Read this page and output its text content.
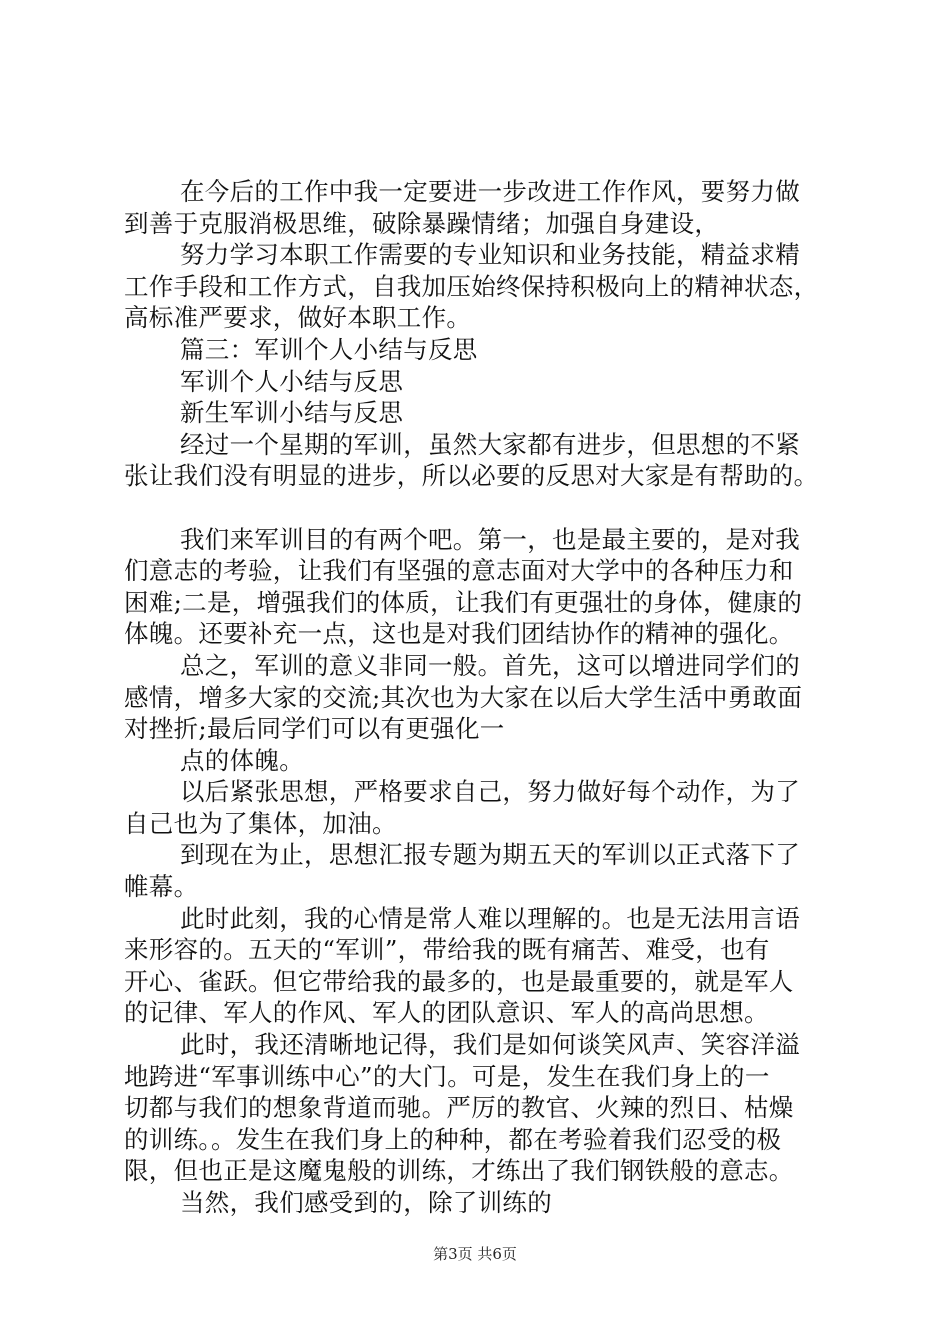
在今后的工作中我一定要进一步改进工作作风，要努力做
到善于克服消极思维，破除暴躁情绪；加强自身建设，
努力学习本职工作需要的专业知识和业务技能，精益求精
工作手段和工作方式，自我加压始终保持积极向上的精神状态，
高标准严要求，做好本职工作。
篇三：军训个人小结与反思
军训个人小结与反思
新生军训小结与反思
经过一个星期的军训，虽然大家都有进步，但思想的不紧
张让我们没有明显的进步，所以必要的反思对大家是有帮助的。
我们来军训目的有两个吧。第一，也是最主要的，是对我
们意志的考验，让我们有坚强的意志面对大学中的各种压力和
困难;二是，增强我们的体质，让我们有更强壮的身体，健康的
体魄。还要补充一点，这也是对我们团结协作的精神的强化。
总之，军训的意义非同一般。首先，这可以增进同学们的
感情，增多大家的交流;其次也为大家在以后大学生活中勇敢面
对挫折;最后同学们可以有更强化一
点的体魄。
以后紧张思想，严格要求自己，努力做好每个动作，为了
自己也为了集体，加油。
到现在为止，思想汇报专题为期五天的军训以正式落下了
帷幕。
此时此刻，我的心情是常人难以理解的。也是无法用言语
来形容的。五天的“军训”，带给我的既有痛苦、难受，也有
开心、雀跃。但它带给我的最多的，也是最重要的，就是军人
的记律、军人的作风、军人的团队意识、军人的高尚思想。
此时，我还清晰地记得，我们是如何谈笑风声、笑容洋溢
地跨进“军事训练中心”的大门。可是，发生在我们身上的一
切都与我们的想象背道而驰。严厉的教官、火辣的烈日、枯燥
的训练。。发生在我们身上的种种，都在考验着我们忍受的极
限，但也正是这魔鬼般的训练，才练出了我们钢铁般的意志。
当然，我们感受到的，除了训练的
第3页 共6页
